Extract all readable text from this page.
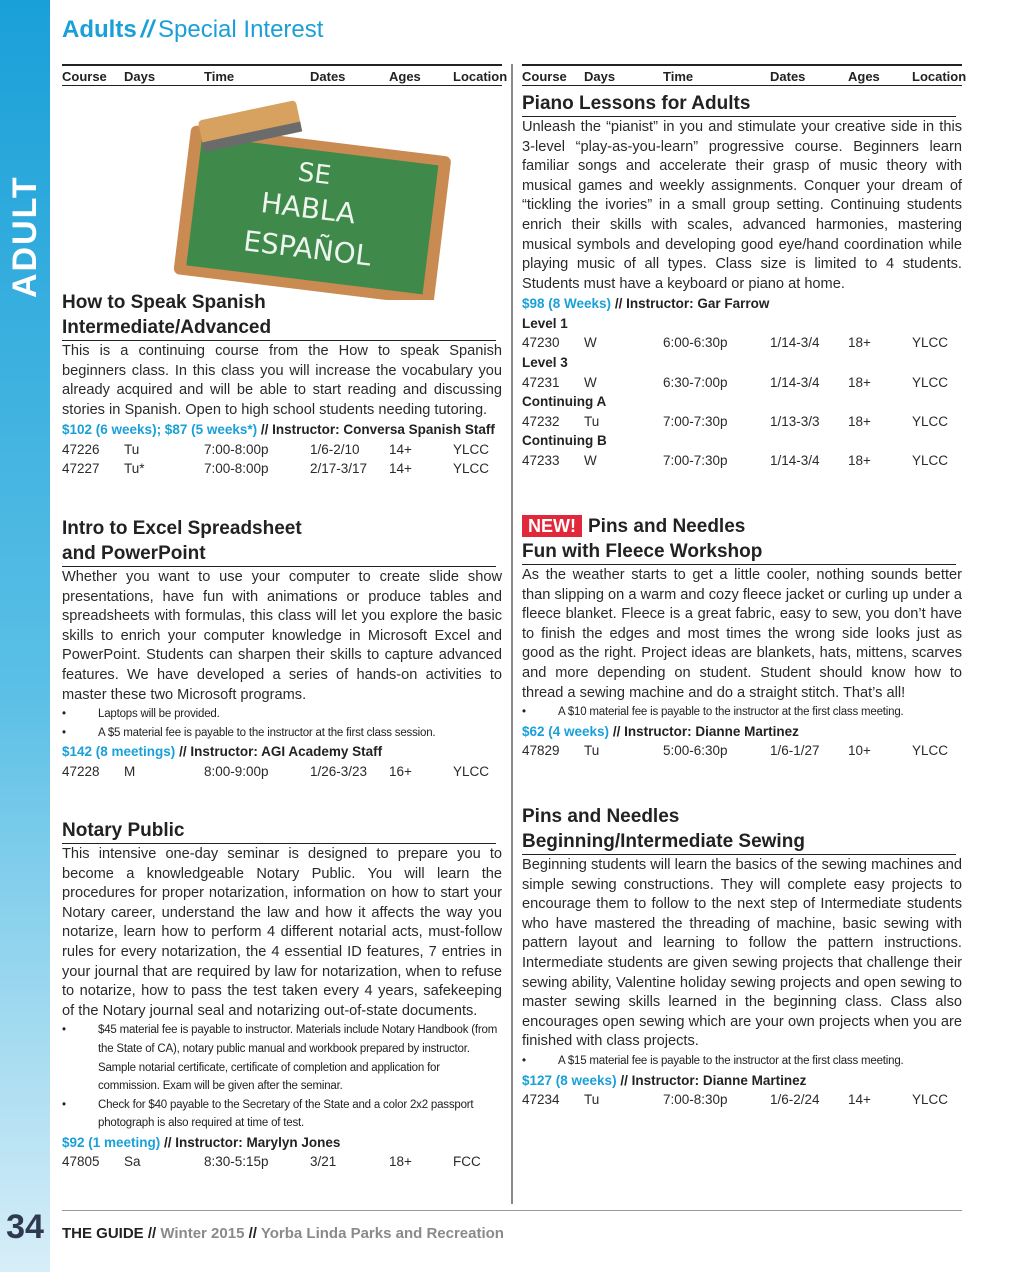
ADULT
34
Adults // Special Interest
Course Days	Time	Dates	Ages Location Course Days	Time	Dates	Ages Location
SE
HABLA
ESPAÑOL
How to Speak Spanish
Intermediate/Advanced
This is a continuing course from the How to speak Spanish beginners class. In this class you will increase the vocabulary you already acquired and will be able to start reading and discussing stories in Spanish. Open to high school students needing tutoring.
$102 (6 weeks); $87 (5 weeks*) // Instructor: Conversa Spanish Staff
47226 Tu	7:00-8:00p	1/6-2/10 14+	YLCC
47227 Tu*	7:00-8:00p	2/17-3/17 14+	YLCC
Intro to Excel Spreadsheet
and PowerPoint
Whether you want to use your computer to create slide show presentations, have fun with animations or produce tables and spreadsheets with formulas, this class will let you explore the basic skills to enrich your computer knowledge in Microsoft Excel and PowerPoint. Students can sharpen their skills to capture advanced features. We have developed a series of hands-on activities to master these two Microsoft programs.
•	Laptops will be provided.
•	A $5 material fee is payable to the instructor at the first class session.
$142 (8 meetings) // Instructor: AGI Academy Staff
47228 M	8:00-9:00p	1/26-3/23 16+	YLCC
Notary Public
This intensive one-day seminar is designed to prepare you to become a knowledgeable Notary Public. You will learn the procedures for proper notarization, information on how to start your Notary career, understand the law and how it affects the way you notarize, learn how to perform 4 different notarial acts, must-follow rules for every notarization, the 4 essential ID features, 7 entries in your journal that are required by law for notarization, when to refuse to notarize, how to pass the test taken every 4 years, safekeeping of the Notary journal seal and notarizing out-of-state documents.
•	$45 material fee is payable to instructor. Materials include Notary Handbook (from the State of CA), notary public manual and workbook prepared by instructor. Sample notarial certificate, certificate of completion and application for commission. Exam will be given after the seminar.
•	Check for $40 payable to the Secretary of the State and a color 2x2 passport photograph is also required at time of test.
$92 (1 meeting) // Instructor: Marylyn Jones
47805 Sa	8:30-5:15p	3/21	18+	FCC
Piano Lessons for Adults
Unleash the “pianist” in you and stimulate your creative side in this 3-level “play-as-you-learn” progressive course. Beginners learn familiar songs and accelerate their grasp of music theory with musical games and weekly assignments. Conquer your dream of “tickling the ivories” in a small group setting. Continuing students enrich their skills with scales, advanced harmonies, mastering musical symbols and developing good eye/hand coordination while playing music of all types. Class size is limited to 4 students. Students must have a keyboard or piano at home.
$98 (8 Weeks) // Instructor: Gar Farrow
Level 1
47230 W	6:00-6:30p	1/14-3/4 18+	YLCC
Level 3
47231 W	6:30-7:00p	1/14-3/4 18+	YLCC
Continuing A
47232 Tu	7:00-7:30p	1/13-3/3 18+	YLCC
Continuing B
47233 W	7:00-7:30p	1/14-3/4 18+	YLCC
NEW! Pins and Needles
Fun with Fleece Workshop
As the weather starts to get a little cooler, nothing sounds better than slipping on a warm and cozy fleece jacket or curling up under a fleece blanket. Fleece is a great fabric, easy to sew, you don’t have to finish the edges and most times the wrong side looks just as good as the right. Project ideas are blankets, hats, mittens, scarves and more depending on student. Student should know how to thread a sewing machine and do a straight stitch. That’s all!
•	A $10 material fee is payable to the instructor at the first class meeting.
$62 (4 weeks) // Instructor: Dianne Martinez
47829 Tu	5:00-6:30p	1/6-1/27 10+	YLCC
Pins and Needles
Beginning/Intermediate Sewing
Beginning students will learn the basics of the sewing machines and simple sewing constructions. They will complete easy projects to encourage them to follow to the next step of Intermediate students who have mastered the threading of machine, basic sewing with pattern layout and learning to follow the pattern instructions. Intermediate students are given sewing projects that challenge their sewing ability, Valentine holiday sewing projects and open sewing to master sewing skills learned in the beginning class. Class also encourages open sewing which are your own projects when you are finished with class projects.
•	A $15 material fee is payable to the instructor at the first class meeting.
$127 (8 weeks) // Instructor: Dianne Martinez
47234 Tu	7:00-8:30p	1/6-2/24 14+	YLCC
THE GUIDE // Winter 2015 // Yorba Linda Parks and Recreation
